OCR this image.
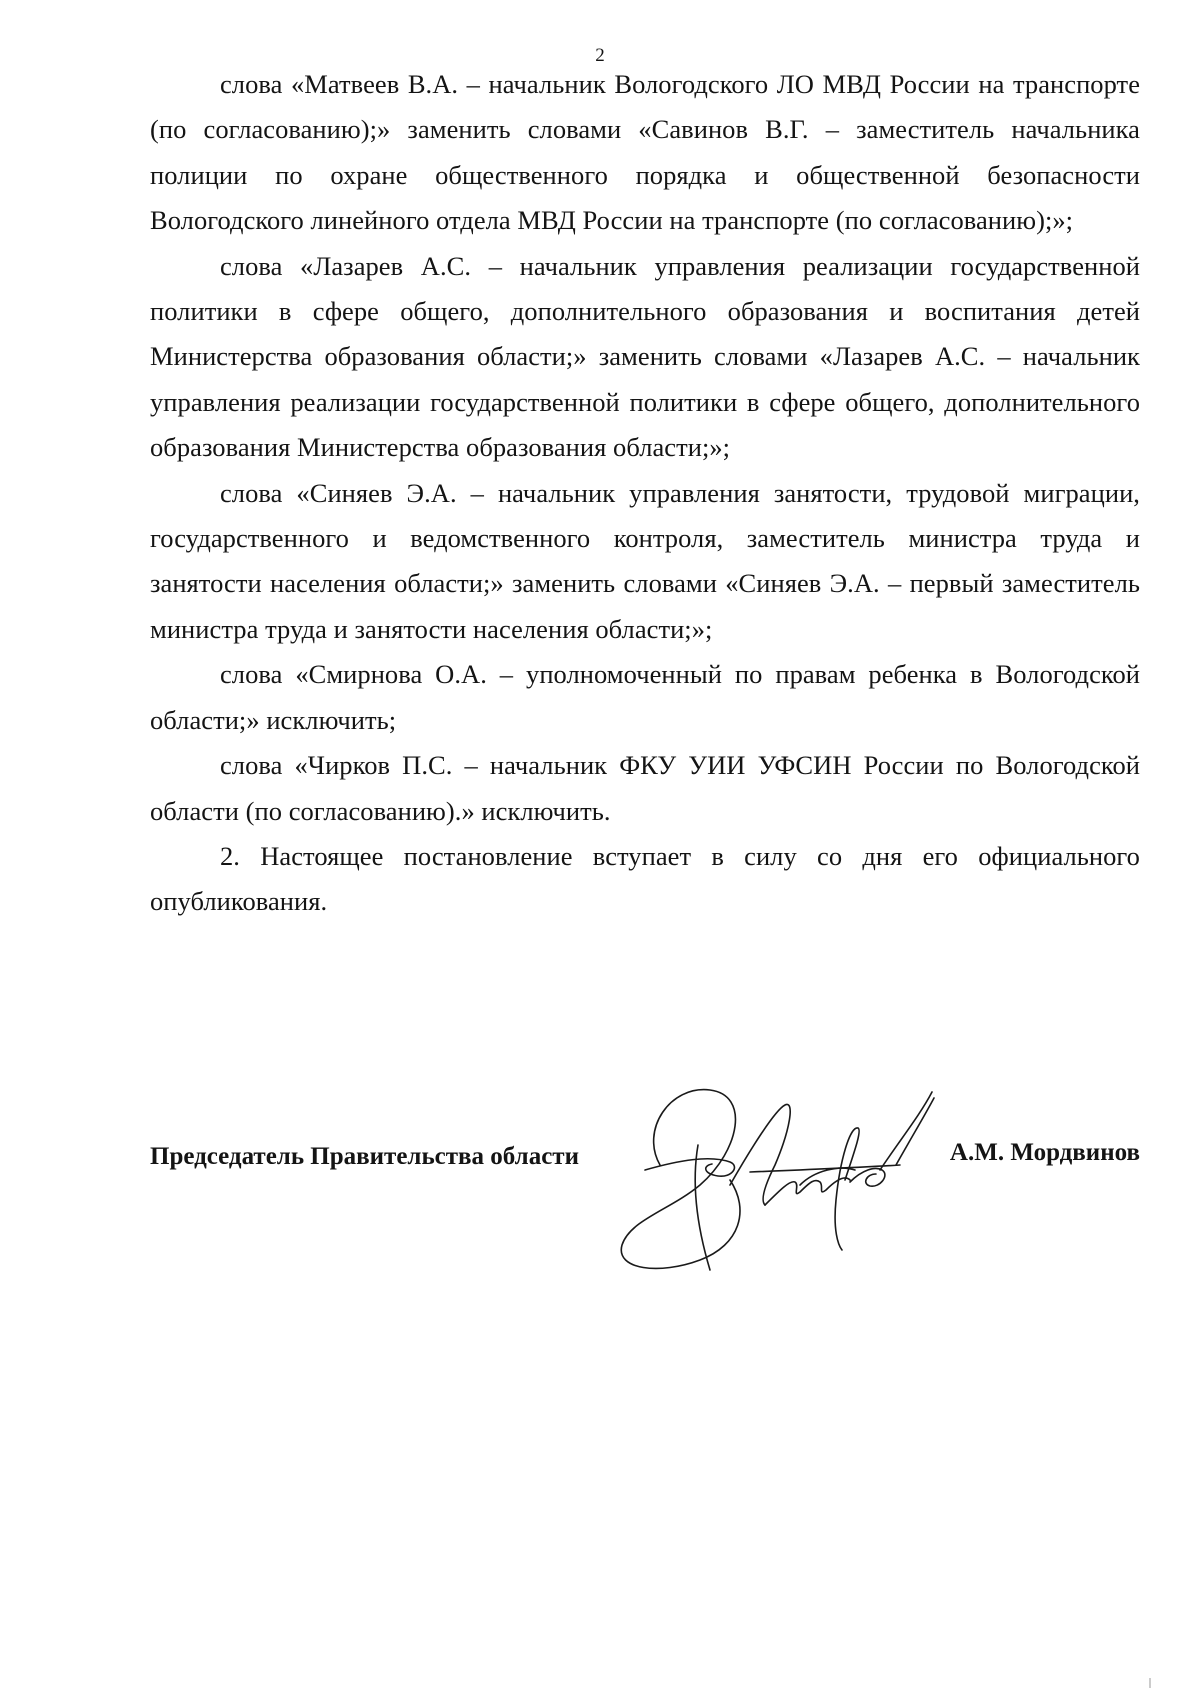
2

слова «Матвеев В.А. – начальник Вологодского ЛО МВД России на транспорте (по согласованию);» заменить словами «Савинов В.Г. – заместитель начальника полиции по охране общественного порядка и общественной безопасности Вологодского линейного отдела МВД России на транспорте (по согласованию);»;

слова «Лазарев А.С. – начальник управления реализации государственной политики в сфере общего, дополнительного образования и воспитания детей Министерства образования области;» заменить словами «Лазарев А.С. – начальник управления реализации государственной политики в сфере общего, дополнительного образования Министерства образования области;»;

слова «Синяев Э.А. – начальник управления занятости, трудовой миграции, государственного и ведомственного контроля, заместитель министра труда и занятости населения области;» заменить словами «Синяев Э.А. – первый заместитель министра труда и занятости населения области;»;

слова «Смирнова О.А. – уполномоченный по правам ребенка в Вологодской области;» исключить;

слова «Чирков П.С. – начальник ФКУ УИИ УФСИН России по Вологодской области (по согласованию).» исключить.

2. Настоящее постановление вступает в силу со дня его официального опубликования.

Председатель Правительства области	А.М. Мордвинов
